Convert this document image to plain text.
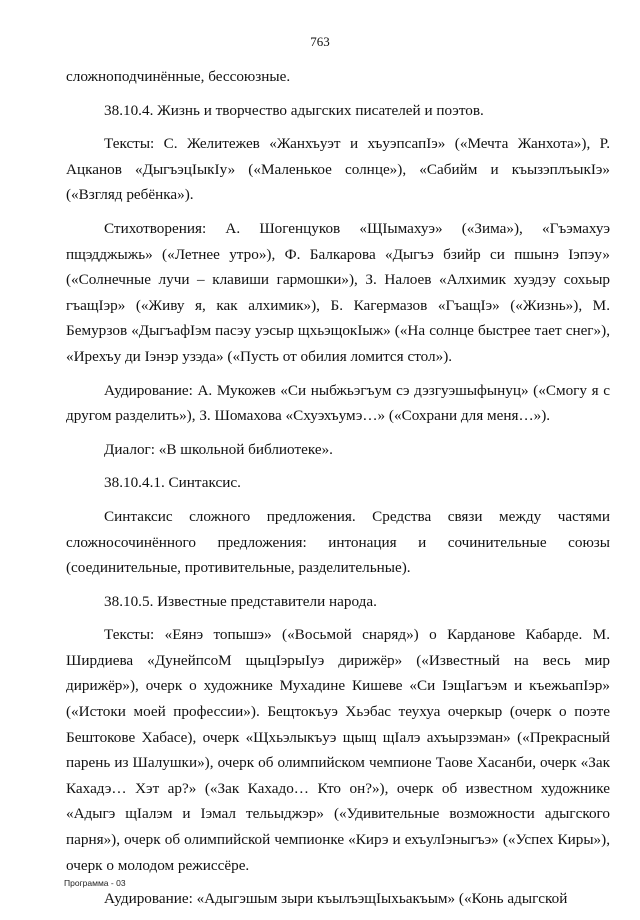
763

сложноподчинённые, бессоюзные.

38.10.4. Жизнь и творчество адыгских писателей и поэтов.

Тексты: С. Желитежев «Жанхъуэт и хъуэпсапІэ» («Мечта Жанхота»), Р. Ацканов «ДыгъэцІыкІу» («Маленькое солнце»), «Сабийм и къызэплъыкІэ» («Взгляд ребёнка»).

Стихотворения: А. Шогенцуков «ЩІымахуэ» («Зима»), «Гъэмахуэ пщэдджыжь» («Летнее утро»), Ф. Балкарова «Дыгъэ бзийр си пшынэ Іэпэу» («Солнечные лучи – клавиши гармошки»), З. Налоев «Алхимик хуэдэу сохьыр гъащІэр» («Живу я, как алхимик»), Б. Кагермазов «ГъащІэ» («Жизнь»), М. Бемурзов «ДыгъафІэм пасэу уэсыр щхьэщокІыж» («На солнце быстрее тает снег»), «Ирехъу ди Іэнэр узэда» («Пусть от обилия ломится стол»).

Аудирование: А. Мукожев «Си ныбжьэгъум сэ дэзгуэшыфынуц» («Смогу я с другом разделить»), З. Шомахова «Схуэхъумэ…» («Сохрани для меня…»).

Диалог: «В школьной библиотеке».

38.10.4.1. Синтаксис.

Синтаксис сложного предложения. Средства связи между частями сложносочинённого предложения: интонация и сочинительные союзы (соединительные, противительные, разделительные).

38.10.5. Известные представители народа.

Тексты: «Еянэ топышэ» («Восьмой снаряд») о Карданове Кабарде. М. Ширдиева «ДунейпсоМ щыцІэрыІуэ дирижёр» («Известный на весь мир дирижёр»), очерк о художнике Мухадине Кишеве «Си ІэщІагъэм и къежьапІэр» («Истоки моей профессии»). Бещтокъуэ Хьэбас теухуа очеркыр (очерк о поэте Бештокове Хабасе), очерк «Щхьэлыкъуэ щыщ щІалэ ахъырзэман» («Прекрасный парень из Шалушки»), очерк об олимпийском чемпионе Таове Хасанби, очерк «Зак Кахадэ… Хэт ар?» («Зак Кахадо… Кто он?»), очерк об известном художнике «Адыгэ щІалэм и Іэмал тельыджэр» («Удивительные возможности адыгского парня»), очерк об олимпийской чемпионке «Кирэ и ехъулІэныгъэ» («Успех Киры»), очерк о молодом режиссёре.

Аудирование: «Адыгэшым зыри къылъэщІыхьакъым» («Конь адыгской

Программа - 03
